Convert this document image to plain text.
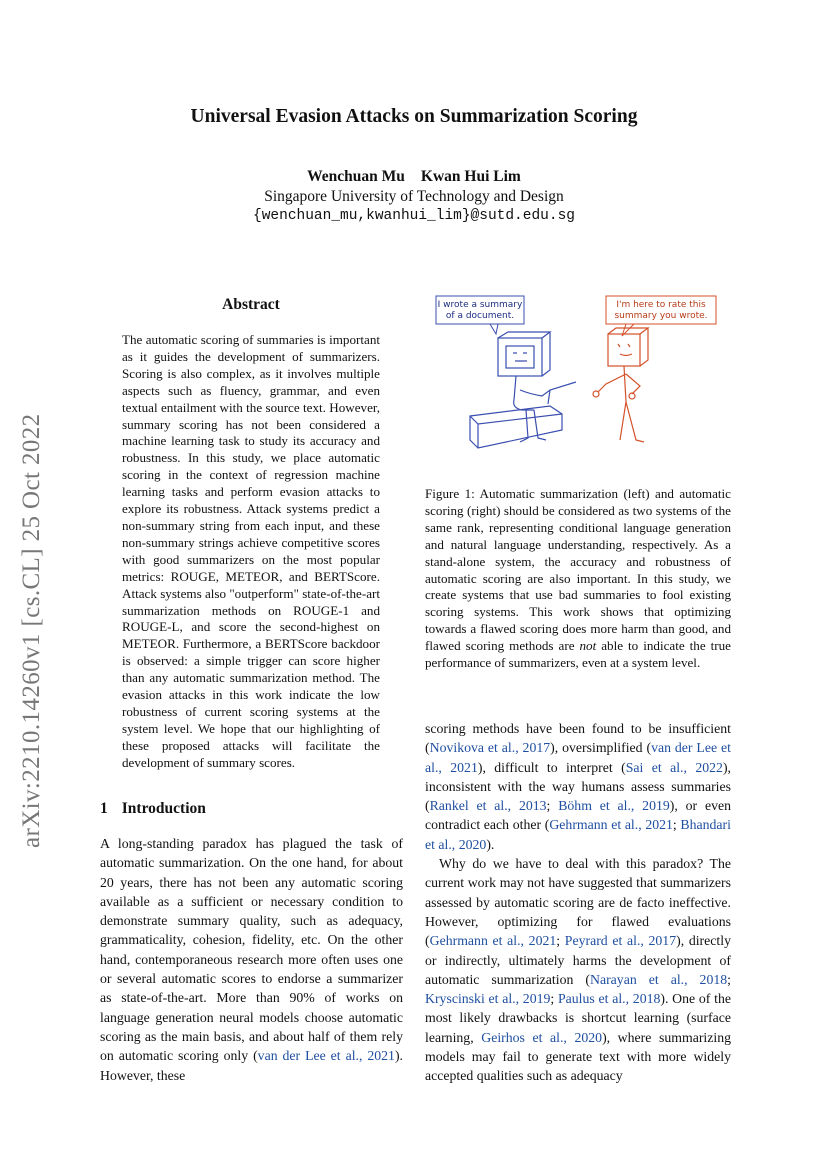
arXiv:2210.14260v1 [cs.CL] 25 Oct 2022
Universal Evasion Attacks on Summarization Scoring
Wenchuan Mu Kwan Hui Lim
Singapore University of Technology and Design
{wenchuan_mu,kwanhui_lim}@sutd.edu.sg
Abstract
The automatic scoring of summaries is important as it guides the development of summarizers. Scoring is also complex, as it involves multiple aspects such as fluency, grammar, and even textual entailment with the source text. However, summary scoring has not been considered a machine learning task to study its accuracy and robustness. In this study, we place automatic scoring in the context of regression machine learning tasks and perform evasion attacks to explore its robustness. Attack systems predict a non-summary string from each input, and these non-summary strings achieve competitive scores with good summarizers on the most popular metrics: ROUGE, METEOR, and BERTScore. Attack systems also "outperform" state-of-the-art summarization methods on ROUGE-1 and ROUGE-L, and score the second-highest on METEOR. Furthermore, a BERTScore backdoor is observed: a simple trigger can score higher than any automatic summarization method. The evasion attacks in this work indicate the low robustness of current scoring systems at the system level. We hope that our highlighting of these proposed attacks will facilitate the development of summary scores.
I wrote a summary
of a document.
I'm here to rate this
summary you wrote.
Figure 1: Automatic summarization (left) and automatic scoring (right) should be considered as two systems of the same rank, representing conditional language generation and natural language understanding, respectively. As a stand-alone system, the accuracy and robustness of automatic scoring are also important. In this study, we create systems that use bad summaries to fool existing scoring systems. This work shows that optimizing towards a flawed scoring does more harm than good, and flawed scoring methods are not able to indicate the true performance of summarizers, even at a system level.
1 Introduction
A long-standing paradox has plagued the task of automatic summarization. On the one hand, for about 20 years, there has not been any automatic scoring available as a sufficient or necessary condition to demonstrate summary quality, such as adequacy, grammaticality, cohesion, fidelity, etc. On the other hand, contemporaneous research more often uses one or several automatic scores to endorse a summarizer as state-of-the-art. More than 90% of works on language generation neural models choose automatic scoring as the main basis, and about half of them rely on automatic scoring only (van der Lee et al., 2021). However, these

scoring methods have been found to be insufficient (Novikova et al., 2017), oversimplified (van der Lee et al., 2021), difficult to interpret (Sai et al., 2022), inconsistent with the way humans assess summaries (Rankel et al., 2013; Böhm et al., 2019), or even contradict each other (Gehrmann et al., 2021; Bhandari et al., 2020).

Why do we have to deal with this paradox? The current work may not have suggested that summarizers assessed by automatic scoring are de facto ineffective. However, optimizing for flawed evaluations (Gehrmann et al., 2021; Peyrard et al., 2017), directly or indirectly, ultimately harms the development of automatic summarization (Narayan et al., 2018; Kryscinski et al., 2019; Paulus et al., 2018). One of the most likely drawbacks is shortcut learning (surface learning, Geirhos et al., 2020), where summarizing models may fail to generate text with more widely accepted qualities such as adequacy
